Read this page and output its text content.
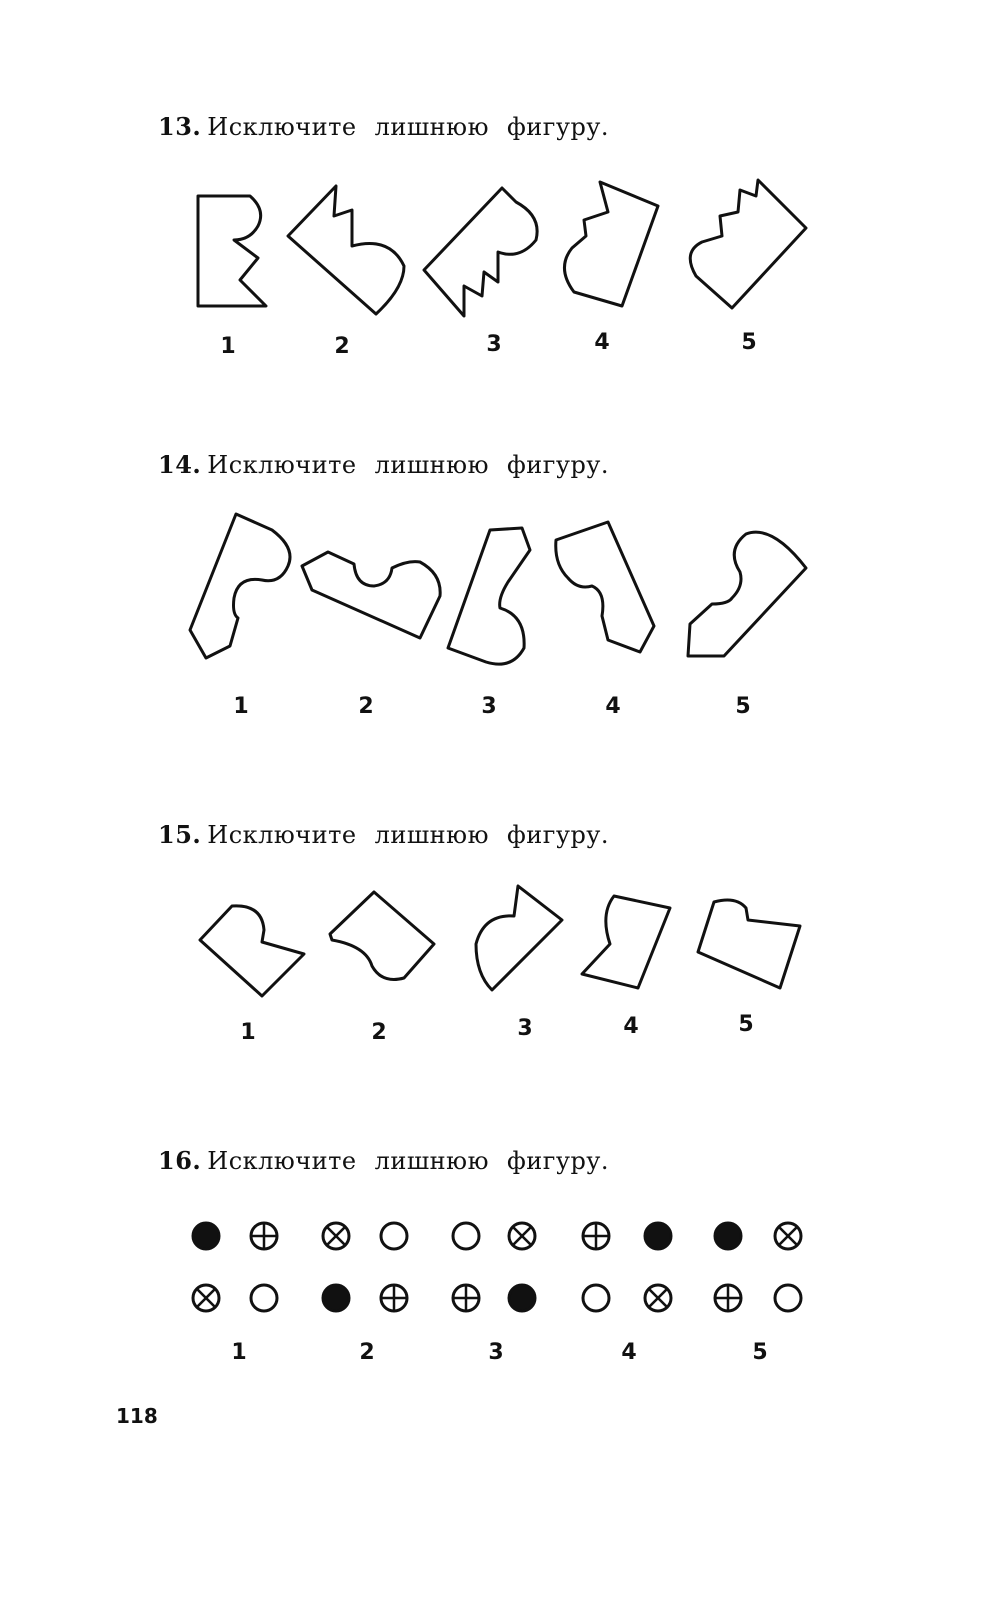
13. Исключите лишнюю фигуру.
1	2	3	4	5
14. Исключите лишнюю фигуру.
1	2	3	4	5
15. Исключите лишнюю фигуру.
1	2	3	4	5
16. Исключите лишнюю фигуру.
1	2	3	4	5
118
